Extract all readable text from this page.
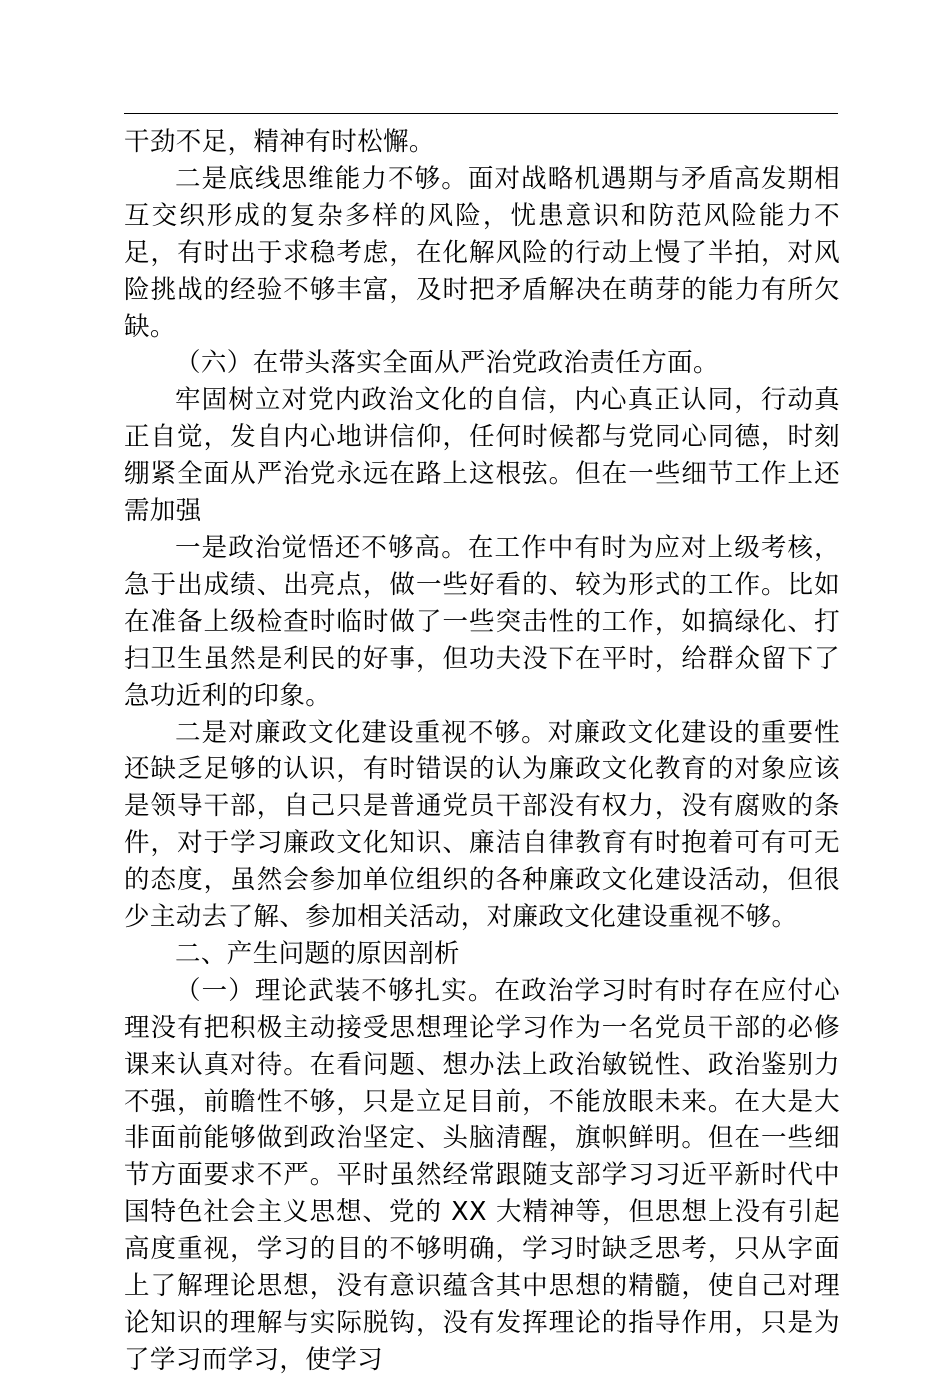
干劲不足，精神有时松懈。

二是底线思维能力不够。面对战略机遇期与矛盾高发期相互交织形成的复杂多样的风险，忧患意识和防范风险能力不足，有时出于求稳考虑，在化解风险的行动上慢了半拍，对风险挑战的经验不够丰富，及时把矛盾解决在萌芽的能力有所欠缺。

（六）在带头落实全面从严治党政治责任方面。

牢固树立对党内政治文化的自信，内心真正认同，行动真正自觉，发自内心地讲信仰，任何时候都与党同心同德，时刻绷紧全面从严治党永远在路上这根弦。但在一些细节工作上还需加强

一是政治觉悟还不够高。在工作中有时为应对上级考核，急于出成绩、出亮点，做一些好看的、较为形式的工作。比如在准备上级检查时临时做了一些突击性的工作，如搞绿化、打扫卫生虽然是利民的好事，但功夫没下在平时，给群众留下了急功近利的印象。

二是对廉政文化建设重视不够。对廉政文化建设的重要性还缺乏足够的认识，有时错误的认为廉政文化教育的对象应该是领导干部，自己只是普通党员干部没有权力，没有腐败的条件，对于学习廉政文化知识、廉洁自律教育有时抱着可有可无的态度，虽然会参加单位组织的各种廉政文化建设活动，但很少主动去了解、参加相关活动，对廉政文化建设重视不够。

二、产生问题的原因剖析

（一）理论武装不够扎实。在政治学习时有时存在应付心理没有把积极主动接受思想理论学习作为一名党员干部的必修课来认真对待。在看问题、想办法上政治敏锐性、政治鉴别力不强，前瞻性不够，只是立足目前，不能放眼未来。在大是大非面前能够做到政治坚定、头脑清醒，旗帜鲜明。但在一些细节方面要求不严。平时虽然经常跟随支部学习习近平新时代中国特色社会主义思想、党的 XX 大精神等，但思想上没有引起高度重视，学习的目的不够明确，学习时缺乏思考，只从字面上了解理论思想，没有意识蕴含其中思想的精髓，使自己对理论知识的理解与实际脱钩，没有发挥理论的指导作用，只是为了学习而学习，使学习
